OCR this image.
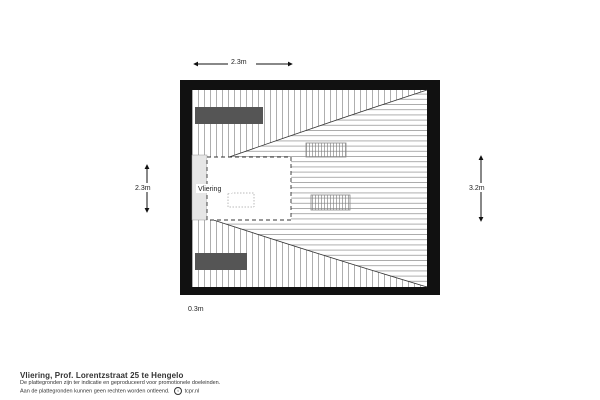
Vliering
2.3m
2.3m	3.2m
0.3m
Vliering, Prof. Lorentzstraat 25 te Hengelo
De plattegronden zijn ter indicatie en geproduceerd voor promotionele doeleinden.
Aan de plattegronden kunnen geen rechten worden ontleend. t tcpr.nl
